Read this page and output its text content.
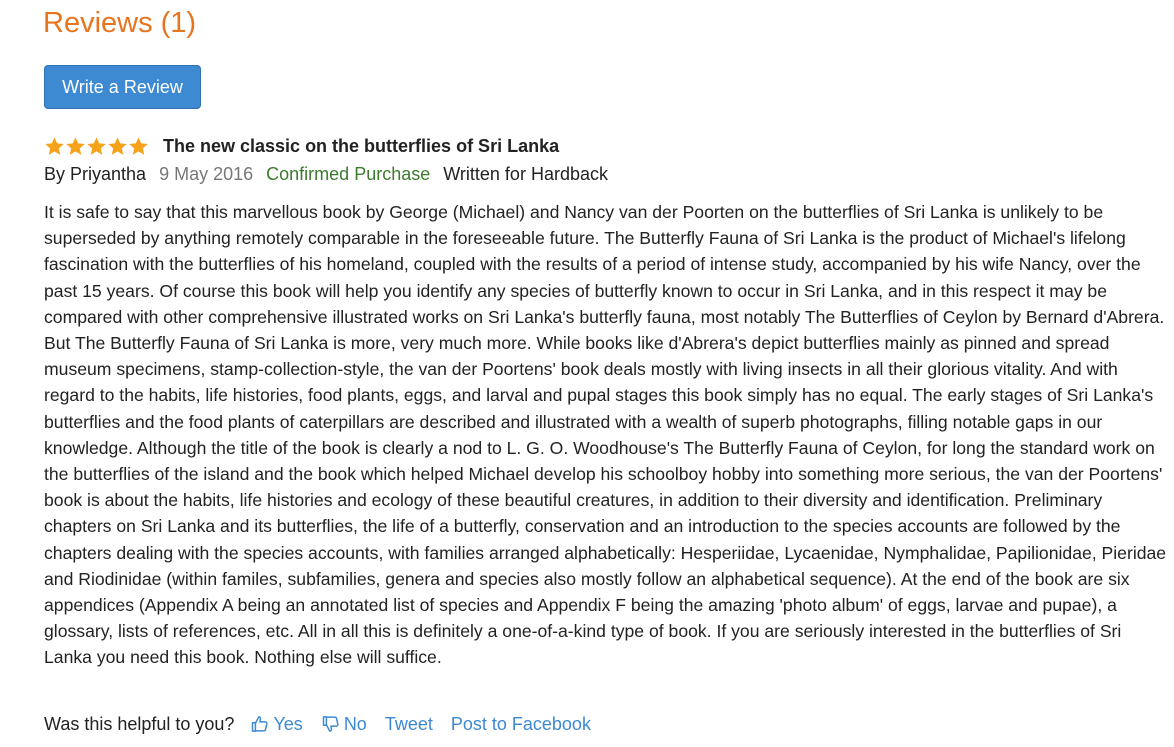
Reviews (1)
Write a Review
The new classic on the butterflies of Sri Lanka
By Priyantha 9 May 2016 Confirmed Purchase Written for Hardback

It is safe to say that this marvellous book by George (Michael) and Nancy van der Poorten on the butterflies of Sri Lanka is unlikely to be superseded by anything remotely comparable in the foreseeable future. The Butterfly Fauna of Sri Lanka is the product of Michael's lifelong fascination with the butterflies of his homeland, coupled with the results of a period of intense study, accompanied by his wife Nancy, over the past 15 years. Of course this book will help you identify any species of butterfly known to occur in Sri Lanka, and in this respect it may be compared with other comprehensive illustrated works on Sri Lanka's butterfly fauna, most notably The Butterflies of Ceylon by Bernard d'Abrera. But The Butterfly Fauna of Sri Lanka is more, very much more. While books like d'Abrera's depict butterflies mainly as pinned and spread museum specimens, stamp-collection-style, the van der Poortens' book deals mostly with living insects in all their glorious vitality. And with regard to the habits, life histories, food plants, eggs, and larval and pupal stages this book simply has no equal. The early stages of Sri Lanka's butterflies and the food plants of caterpillars are described and illustrated with a wealth of superb photographs, filling notable gaps in our knowledge. Although the title of the book is clearly a nod to L. G. O. Woodhouse's The Butterfly Fauna of Ceylon, for long the standard work on the butterflies of the island and the book which helped Michael develop his schoolboy hobby into something more serious, the van der Poortens' book is about the habits, life histories and ecology of these beautiful creatures, in addition to their diversity and identification. Preliminary chapters on Sri Lanka and its butterflies, the life of a butterfly, conservation and an introduction to the species accounts are followed by the chapters dealing with the species accounts, with families arranged alphabetically: Hesperiidae, Lycaenidae, Nymphalidae, Papilionidae, Pieridae and Riodinidae (within familes, subfamilies, genera and species also mostly follow an alphabetical sequence). At the end of the book are six appendices (Appendix A being an annotated list of species and Appendix F being the amazing 'photo album' of eggs, larvae and pupae), a glossary, lists of references, etc. All in all this is definitely a one-of-a-kind type of book. If you are seriously interested in the butterflies of Sri Lanka you need this book. Nothing else will suffice.

Was this helpful to you? Yes No Tweet Post to Facebook
